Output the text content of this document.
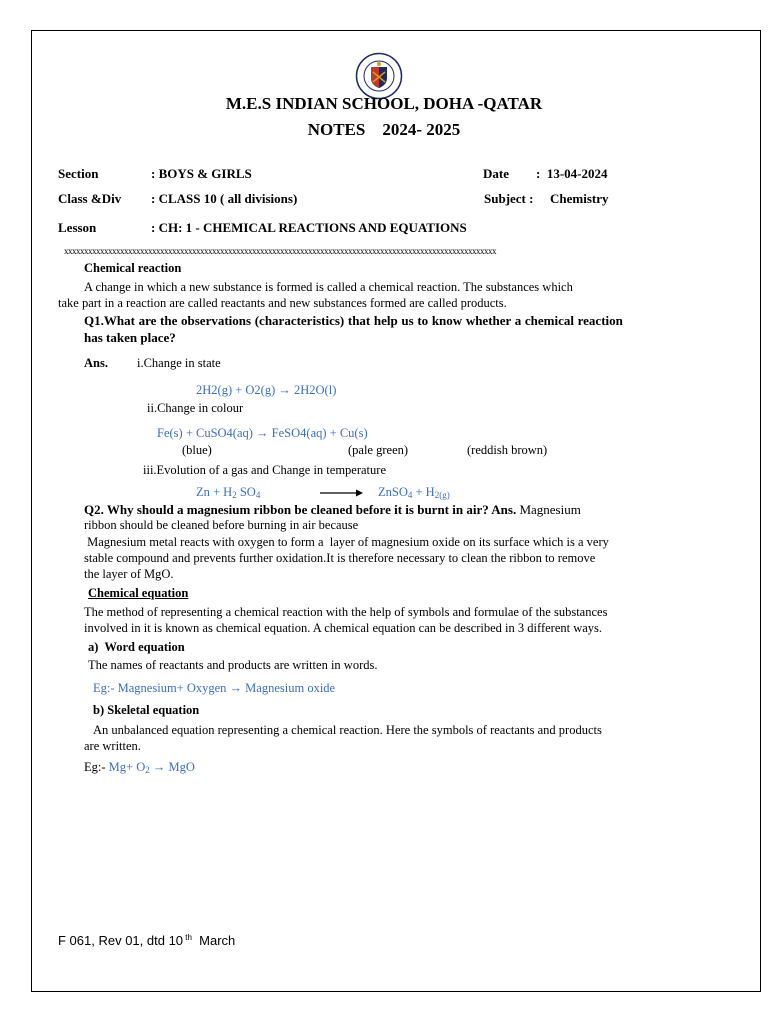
M.E.S INDIAN SCHOOL, DOHA -QATAR
NOTES    2024- 2025
Section	: BOYS & GIRLS	Date :  13-04-2024
Class &Div : CLASS 10 ( all divisions)	Subject : Chemistry
Lesson	: CH: 1 - CHEMICAL REACTIONS AND EQUATIONS
xxxxxxxxxxxxxxxxxxxxxxxxxxxxxxxxxxxxxxxxxxxxxxxxxxxxxxxxxxxxxxxxxxxxxxxxxxxxxxxxxxxxxxxxxxxxxxxxxxxxxxxxxxxx
Chemical reaction
A change in which a new substance is formed is called a chemical reaction. The substances which
take part in a reaction are called reactants and new substances formed are called products.
Q1.What are the observations (characteristics) that help us to know whether a chemical reaction
has taken place?
Ans. i.Change in state
2H2(g) + O2(g) → 2H2O(l)
ii.Change in colour
Fe(s) + CuSO4(aq) → FeSO4(aq) + Cu(s)
(blue)	(pale green)	(reddish brown)
iii.Evolution of a gas and Change in temperature
$Zn + H_2$ $SO_4$	→ ZnSO$_4$ + $H_{2(g)}$
Q2. Why should a magnesium ribbon be cleaned before it is burnt in air? Ans. Magnesium
ribbon should be cleaned before burning in air because
Magnesium metal reacts with oxygen to form a  layer of magnesium oxide on its surface which is a very
stable compound and prevents further oxidation.It is therefore necessary to clean the ribbon to remove
the layer of MgO.
Chemical equation
The method of representing a chemical reaction with the help of symbols and formulae of the substances
involved in it is known as chemical equation. A chemical equation can be described in 3 different ways.
a)  Word equation
The names of reactants and products are written in words.
Eg:- Magnesium+ Oxygen → Magnesium oxide
b) Skeletal equation
An unbalanced equation representing a chemical reaction. Here the symbols of reactants and products
are written.
Eg:- $Mg+ O_2$ → MgO
F 061, Rev 01, dtd 10 $^{th}$  March
